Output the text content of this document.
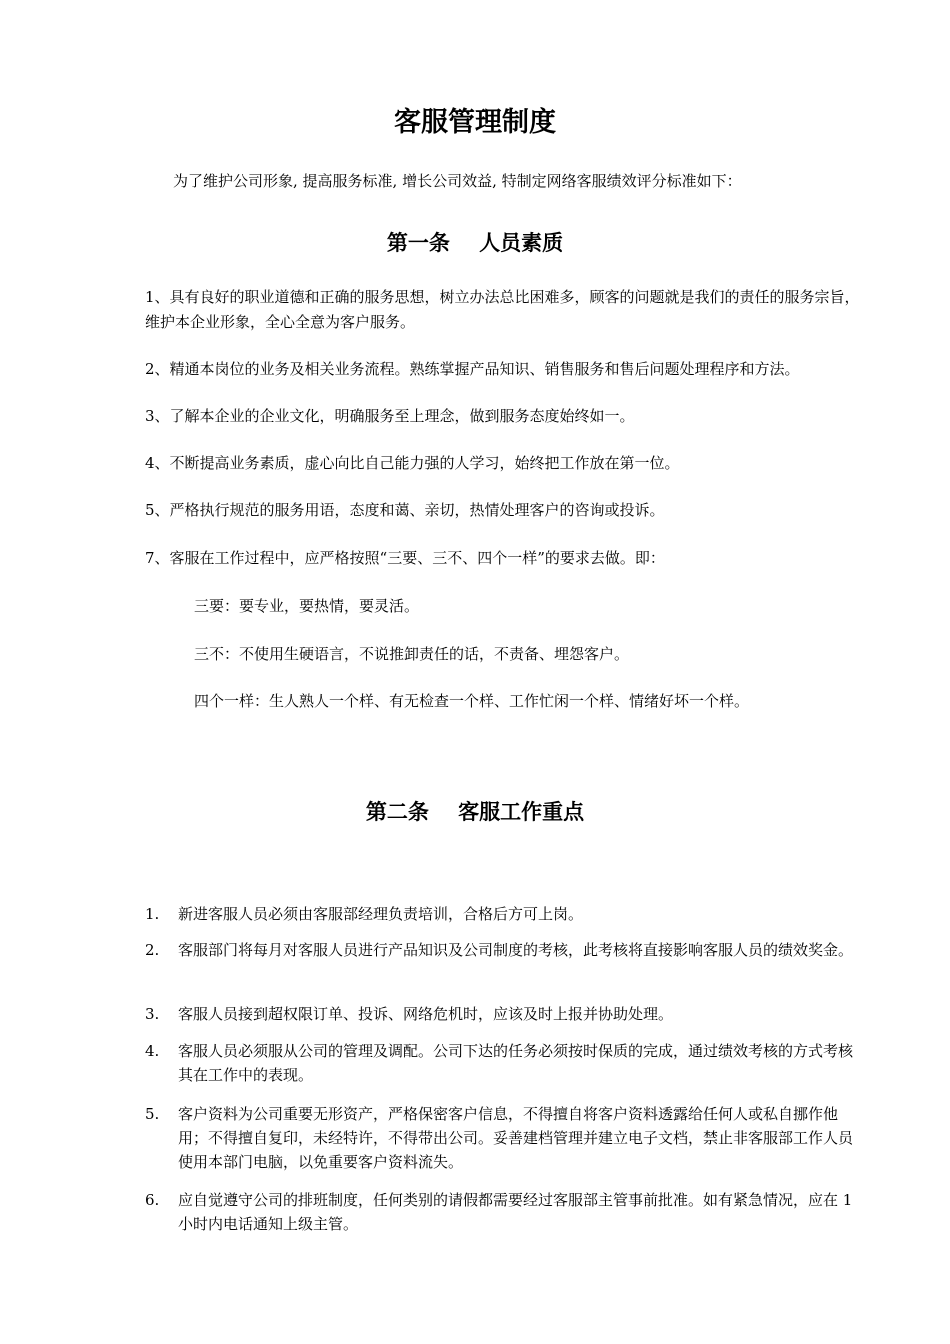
客服管理制度
为了维护公司形象, 提高服务标准, 增长公司效益, 特制定网络客服绩效评分标准如下：
第一条    人员素质
1、具有良好的职业道德和正确的服务思想，树立办法总比困难多，顾客的问题就是我们的责任的服务宗旨，维护本企业形象，全心全意为客户服务。
2、精通本岗位的业务及相关业务流程。熟练掌握产品知识、销售服务和售后问题处理程序和方法。
3、了解本企业的企业文化，明确服务至上理念，做到服务态度始终如一。
4、不断提高业务素质，虚心向比自己能力强的人学习，始终把工作放在第一位。
5、严格执行规范的服务用语，态度和蔼、亲切，热情处理客户的咨询或投诉。
7、客服在工作过程中，应严格按照“三要、三不、四个一样”的要求去做。即：
三要：要专业，要热情，要灵活。
三不：不使用生硬语言，不说推卸责任的话，不责备、埋怨客户。
四个一样：生人熟人一个样、有无检查一个样、工作忙闲一个样、情绪好坏一个样。
第二条    客服工作重点
1.	新进客服人员必须由客服部经理负责培训，合格后方可上岗。
2.	客服部门将每月对客服人员进行产品知识及公司制度的考核，此考核将直接影响客服人员的绩效奖金。
3.	客服人员接到超权限订单、投诉、网络危机时，应该及时上报并协助处理。
4.	客服人员必须服从公司的管理及调配。公司下达的任务必须按时保质的完成，通过绩效考核的方式考核其在工作中的表现。
5.	客户资料为公司重要无形资产，严格保密客户信息，不得擅自将客户资料透露给任何人或私自挪作他用；不得擅自复印，未经特许，不得带出公司。妥善建档管理并建立电子文档，禁止非客服部工作人员使用本部门电脑，以免重要客户资料流失。
6.	应自觉遵守公司的排班制度，任何类别的请假都需要经过客服部主管事前批准。如有紧急情况，应在 1 小时内电话通知上级主管。
